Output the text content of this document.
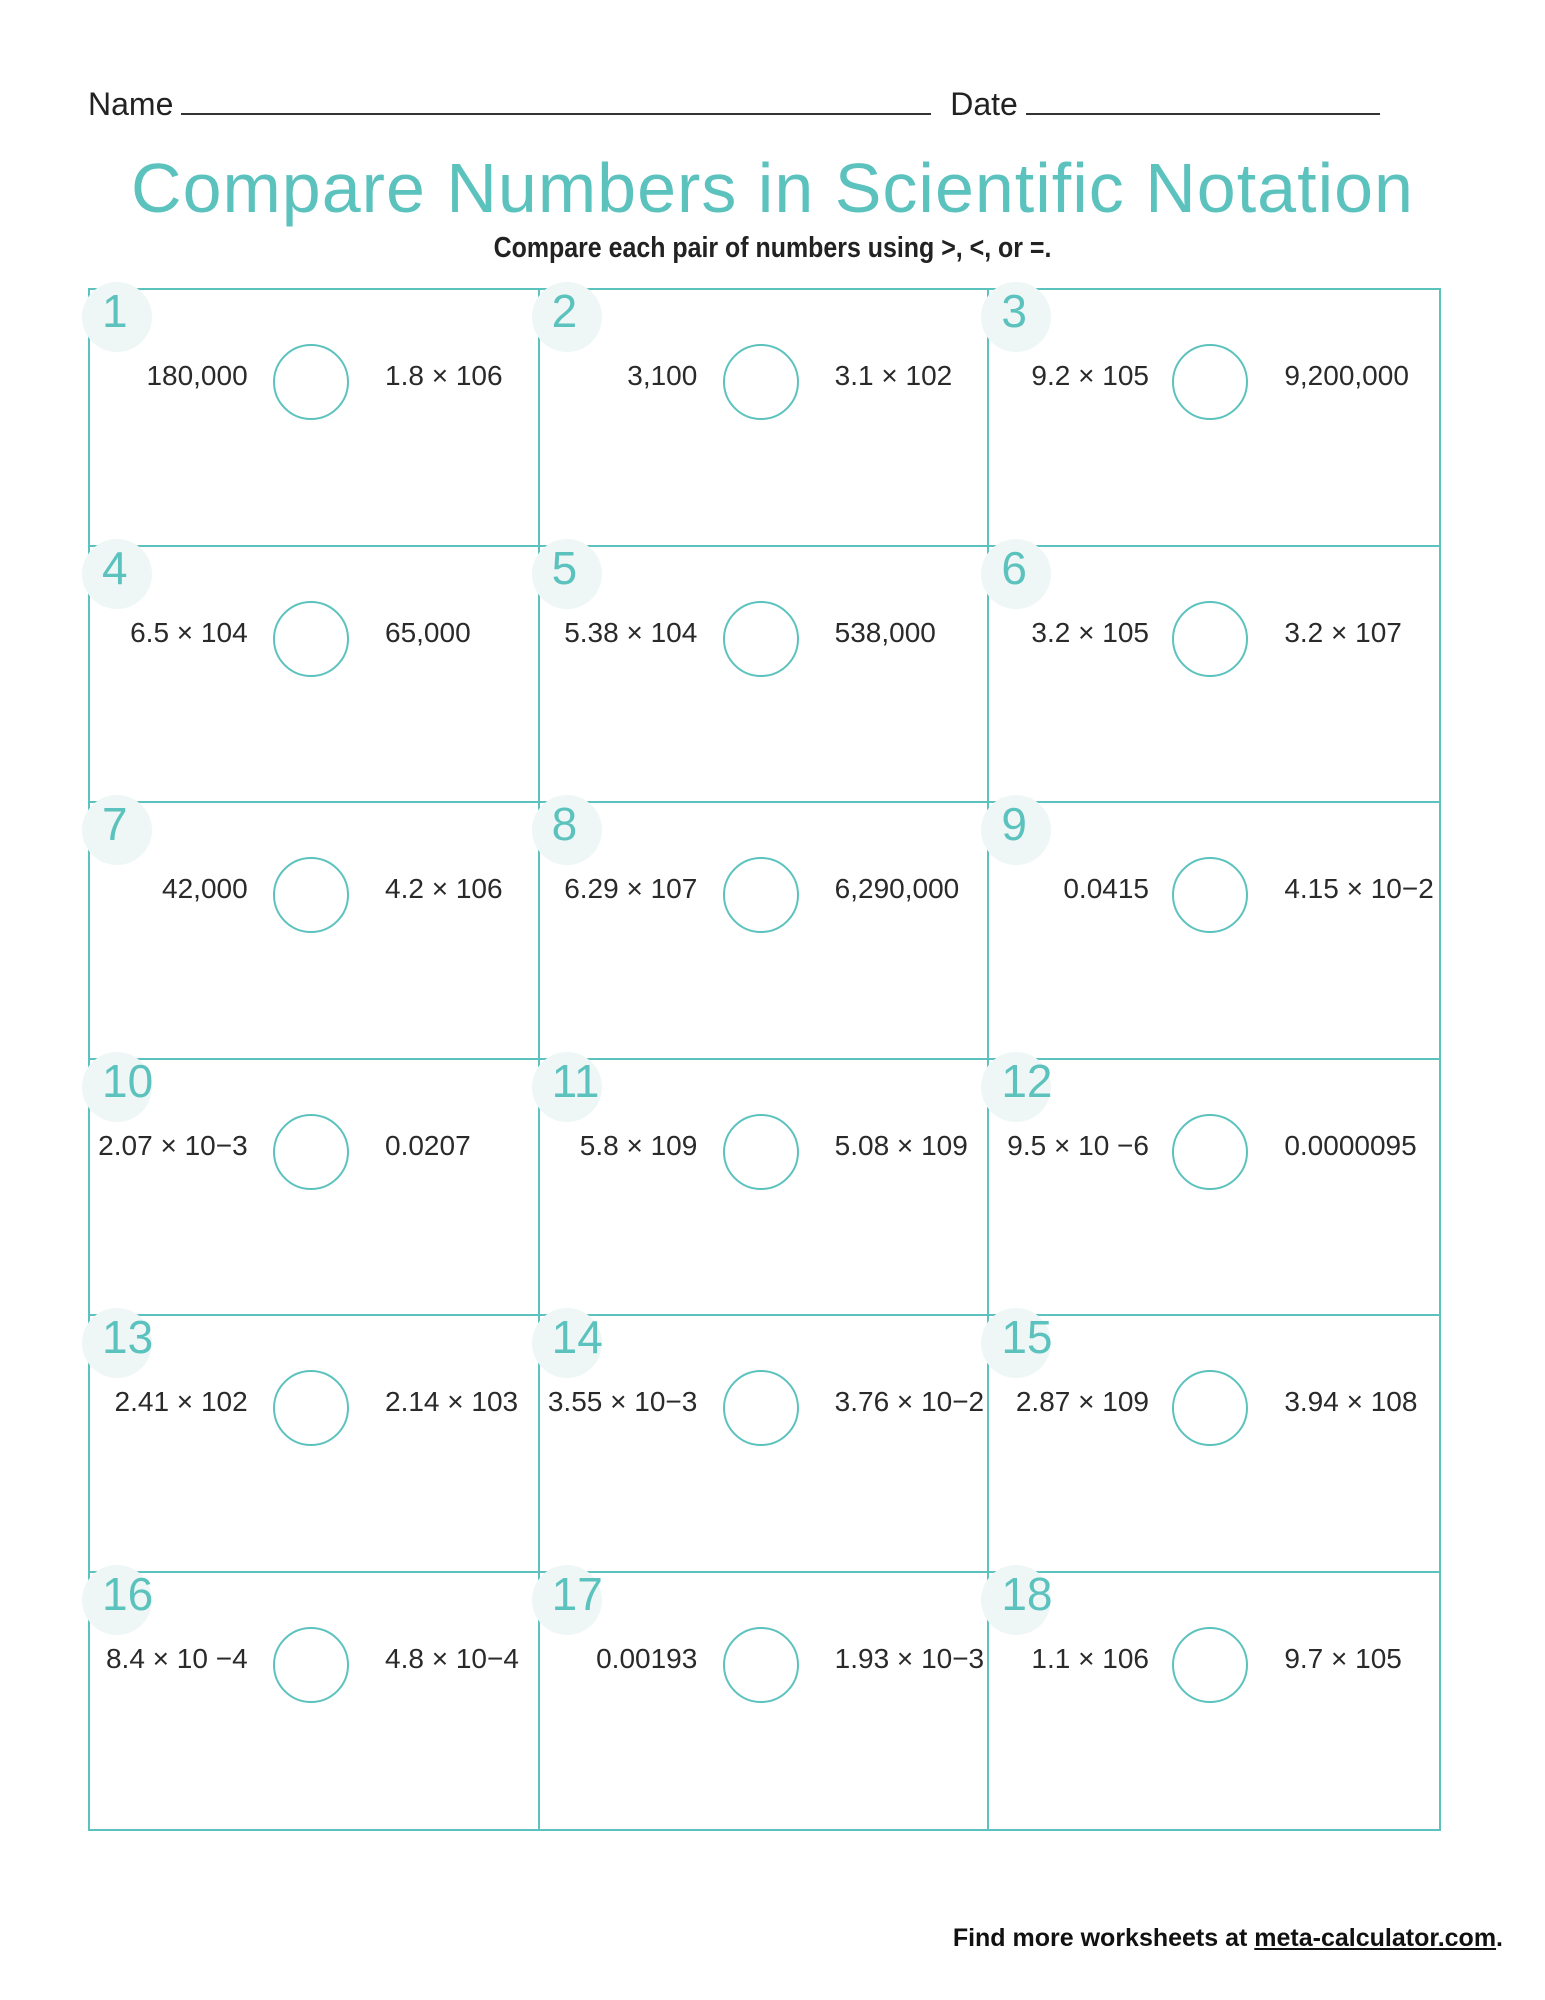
Name	Date
Compare Numbers in Scientific Notation
Compare each pair of numbers using >, <, or =.
1
180,000	1.8 × 106
2
3,100	3.1 × 102
3
9.2 × 105	9,200,000
4
6.5 × 104	65,000
5
5.38 × 104	538,000
6
3.2 × 105	3.2 × 107
7
42,000	4.2 × 106
8
6.29 × 107	6,290,000
9
0.0415	4.15 × 10−2
10
2.07 × 10−3	0.0207
11
5.8 × 109	5.08 × 109
12
9.5 × 10 −6	0.0000095
13
2.41 × 102	2.14 × 103
14
3.55 × 10−3	3.76 × 10−2
15
2.87 × 109	3.94 × 108
16
8.4 × 10 −4	4.8 × 10−4
17
0.00193	1.93 × 10−3
18
1.1 × 106	9.7 × 105
Find more worksheets at meta-calculator.com.
